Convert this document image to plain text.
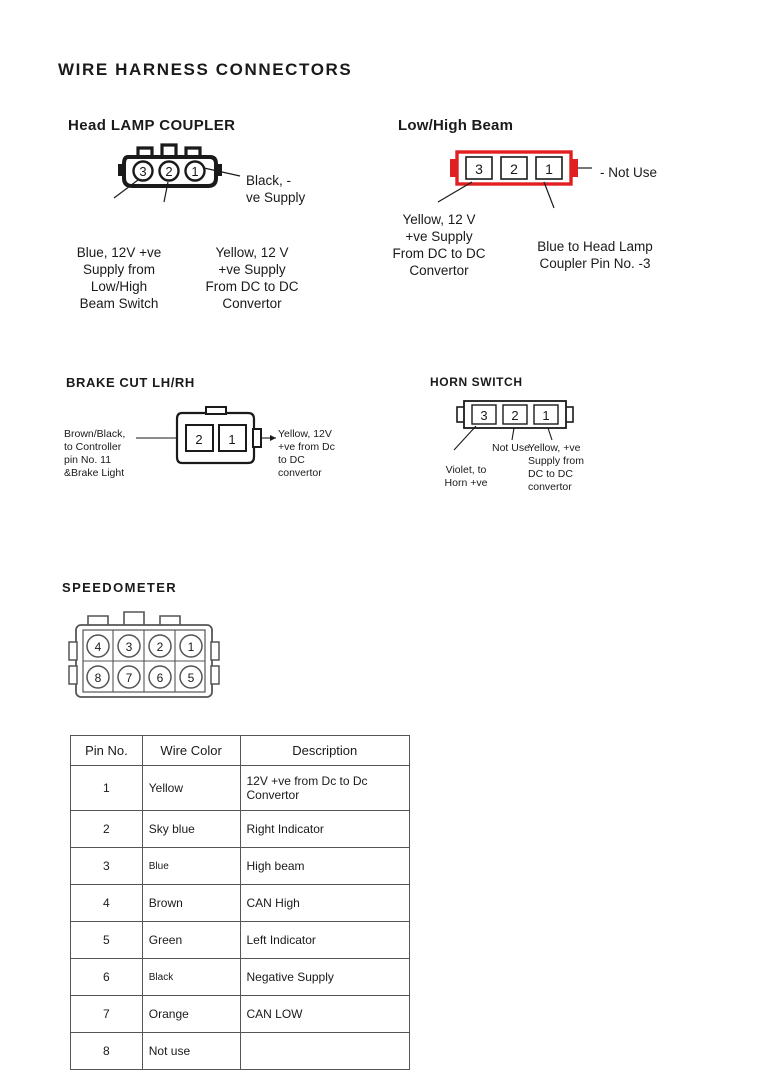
WIRE HARNESS CONNECTORS
Head LAMP COUPLER
3 2 1
Black, -
ve Supply
Blue, 12V +ve
Supply from
Low/High
Beam Switch
Yellow, 12 V
+ve Supply
From DC to DC
Convertor
Low/High Beam
3 2 1	- Not Use
Yellow, 12 V
+ve Supply
From DC to DC
Convertor
Blue to Head Lamp
Coupler Pin No. -3
BRAKE CUT LH/RH
2 1
Brown/Black,
to Controller
pin No. 11
&Brake Light
Yellow, 12V
+ve from Dc
to DC
convertor
HORN SWITCH
3 2 1
Violet, to
Horn +ve
Not Use
Yellow, +ve
Supply from
DC to DC
convertor
SPEEDOMETER
4 3 2 1
8 7 6 5
Pin No.	Wire Color	Description
1	Yellow	12V +ve from Dc to Dc Convertor
2	Sky blue	Right Indicator
3	Blue	High beam
4	Brown	CAN High
5	Green	Left Indicator
6	Black	Negative Supply
7	Orange	CAN LOW
8	Not use	
